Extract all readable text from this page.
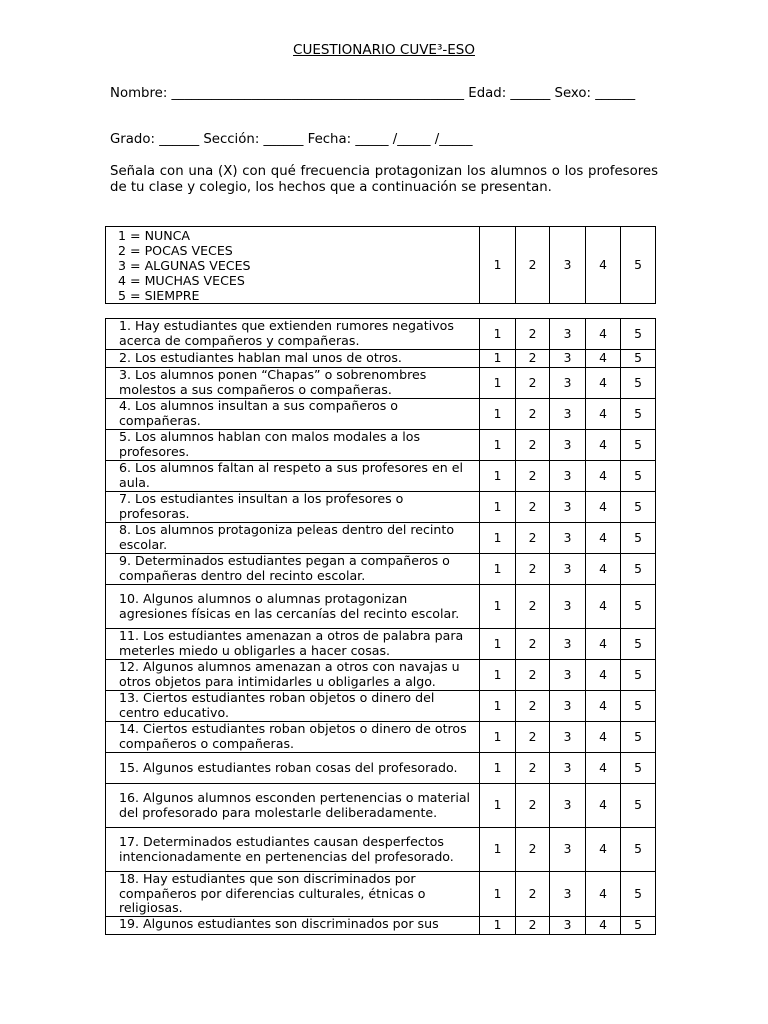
CUESTIONARIO CUVE³-ESO
Nombre: ____________________________________________ Edad: ______ Sexo: ______
Grado: ______ Sección: ______ Fecha: _____ /_____ /_____
Señala con una (X) con qué frecuencia protagonizan los alumnos o los profesores de tu clase y colegio, los hechos que a continuación se presentan.
1 = NUNCA
2 = POCAS VECES
3 = ALGUNAS VECES
4 = MUCHAS VECES
5 = SIEMPRE
	1	2	3	4	5
1. Hay estudiantes que extienden rumores negativos acerca de compañeros y compañeras.	1	2	3	4	5

2. Los estudiantes hablan mal unos de otros.	1	2	3	4	5

3. Los alumnos ponen “Chapas” o sobrenombres molestos a sus compañeros o compañeras.	1	2	3	4	5

4. Los alumnos insultan a sus compañeros o compañeras.	1	2	3	4	5

5. Los alumnos hablan con malos modales a los profesores.	1	2	3	4	5

6. Los alumnos faltan al respeto a sus profesores en el aula.	1	2	3	4	5

7. Los estudiantes insultan a los profesores o profesoras.	1	2	3	4	5

8. Los alumnos protagoniza peleas dentro del recinto escolar.	1	2	3	4	5

9. Determinados estudiantes pegan a compañeros o compañeras dentro del recinto escolar.	1	2	3	4	5

10. Algunos alumnos o alumnas protagonizan agresiones físicas en las cercanías del recinto escolar.	1	2	3	4	5

11. Los estudiantes amenazan a otros de palabra para meterles miedo u obligarles a hacer cosas.	1	2	3	4	5

12. Algunos alumnos amenazan a otros con navajas u otros objetos para intimidarles u obligarles a algo.	1	2	3	4	5

13. Ciertos estudiantes roban objetos o dinero del centro educativo.	1	2	3	4	5

14. Ciertos estudiantes roban objetos o dinero de otros compañeros o compañeras.	1	2	3	4	5

15. Algunos estudiantes roban cosas del profesorado.	1	2	3	4	5

16. Algunos alumnos esconden pertenencias o material del profesorado para molestarle deliberadamente.	1	2	3	4	5

17. Determinados estudiantes causan desperfectos intencionadamente en pertenencias del profesorado.	1	2	3	4	5

18. Hay estudiantes que son discriminados por compañeros por diferencias culturales, étnicas o religiosas.	1	2	3	4	5

19. Algunos estudiantes son discriminados por sus	1	2	3	4	5
